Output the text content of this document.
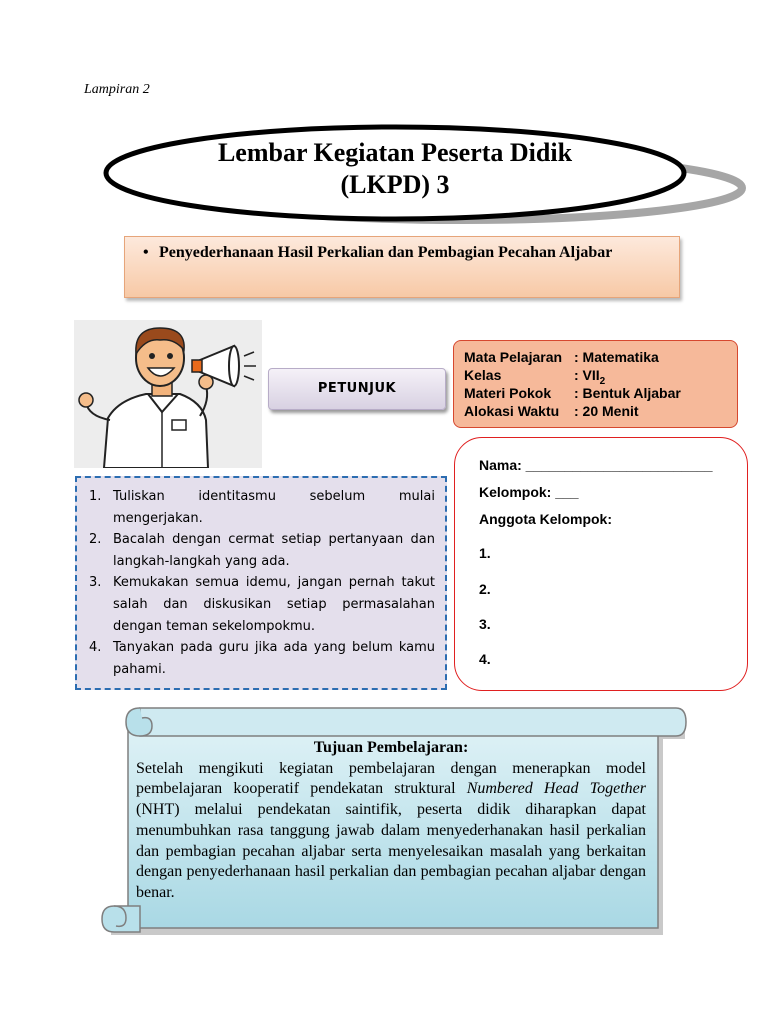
Lampiran 2
Lembar Kegiatan Peserta Didik
(LKPD) 3
• Penyederhanaan Hasil Perkalian dan Pembagian Pecahan Aljabar
PETUNJUK
Mata Pelajaran : Matematika
Kelas	: $VII_2$
Materi Pokok	: Bentuk Aljabar
Alokasi Waktu	: 20 Menit
1. Tuliskan identitasmu sebelum mulai mengerjakan.
2. Bacalah dengan cermat setiap pertanyaan dan langkah-langkah yang ada.
3. Kemukakan semua idemu, jangan pernah takut salah dan diskusikan setiap permasalahan dengan teman sekelompokmu.
4. Tanyakan pada guru jika ada yang belum kamu pahami.
Nama: ________________________
Kelompok: ___
Anggota Kelompok:
1.
2.
3.
4.
Tujuan Pembelajaran:
Setelah mengikuti kegiatan pembelajaran dengan menerapkan model pembelajaran kooperatif pendekatan struktural Numbered Head Together (NHT) melalui pendekatan saintifik, peserta didik diharapkan dapat menumbuhkan rasa tanggung jawab dalam menyederhanakan hasil perkalian dan pembagian pecahan aljabar serta menyelesaikan masalah yang berkaitan dengan penyederhanaan hasil perkalian dan pembagian pecahan aljabar dengan benar.
